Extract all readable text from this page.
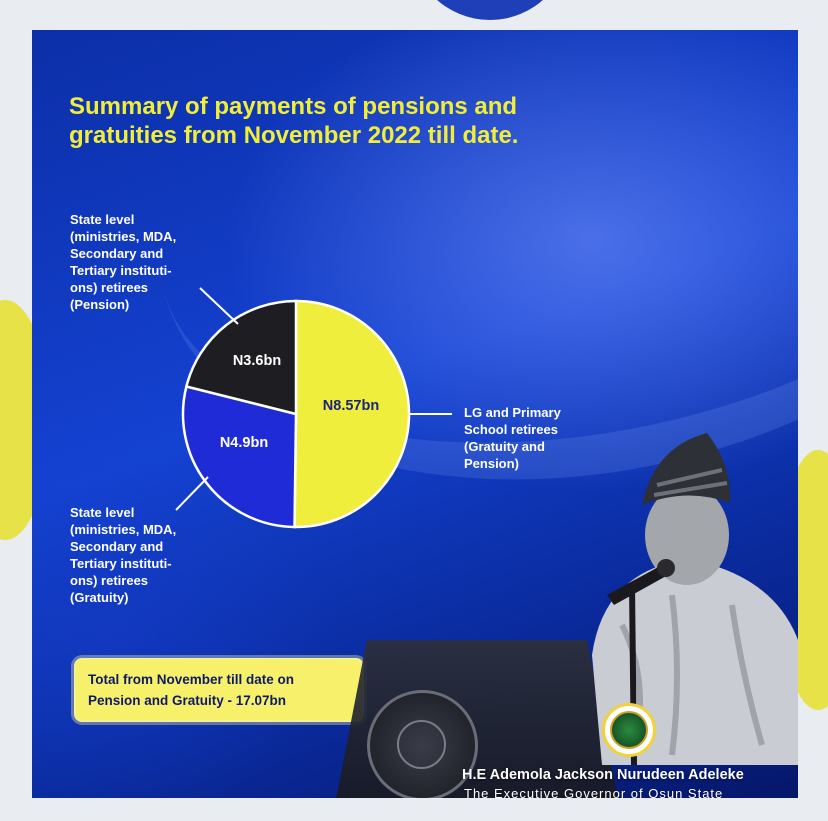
Summary of payments of pensions and gratuities from November 2022 till date.

State level
(ministries, MDA,
Secondary and
Tertiary instituti-
ons) retirees
(Pension)

State level
(ministries, MDA,
Secondary and
Tertiary instituti-
ons) retirees
(Gratuity)

LG and Primary
School retirees
(Gratuity and
Pension)

N8.57bn
N4.9bn
N3.6bn
Total from November till date on
Pension and Gratuity - 17.07bn

H.E Ademola Jackson Nurudeen Adeleke

The Executive Governor of Osun State
